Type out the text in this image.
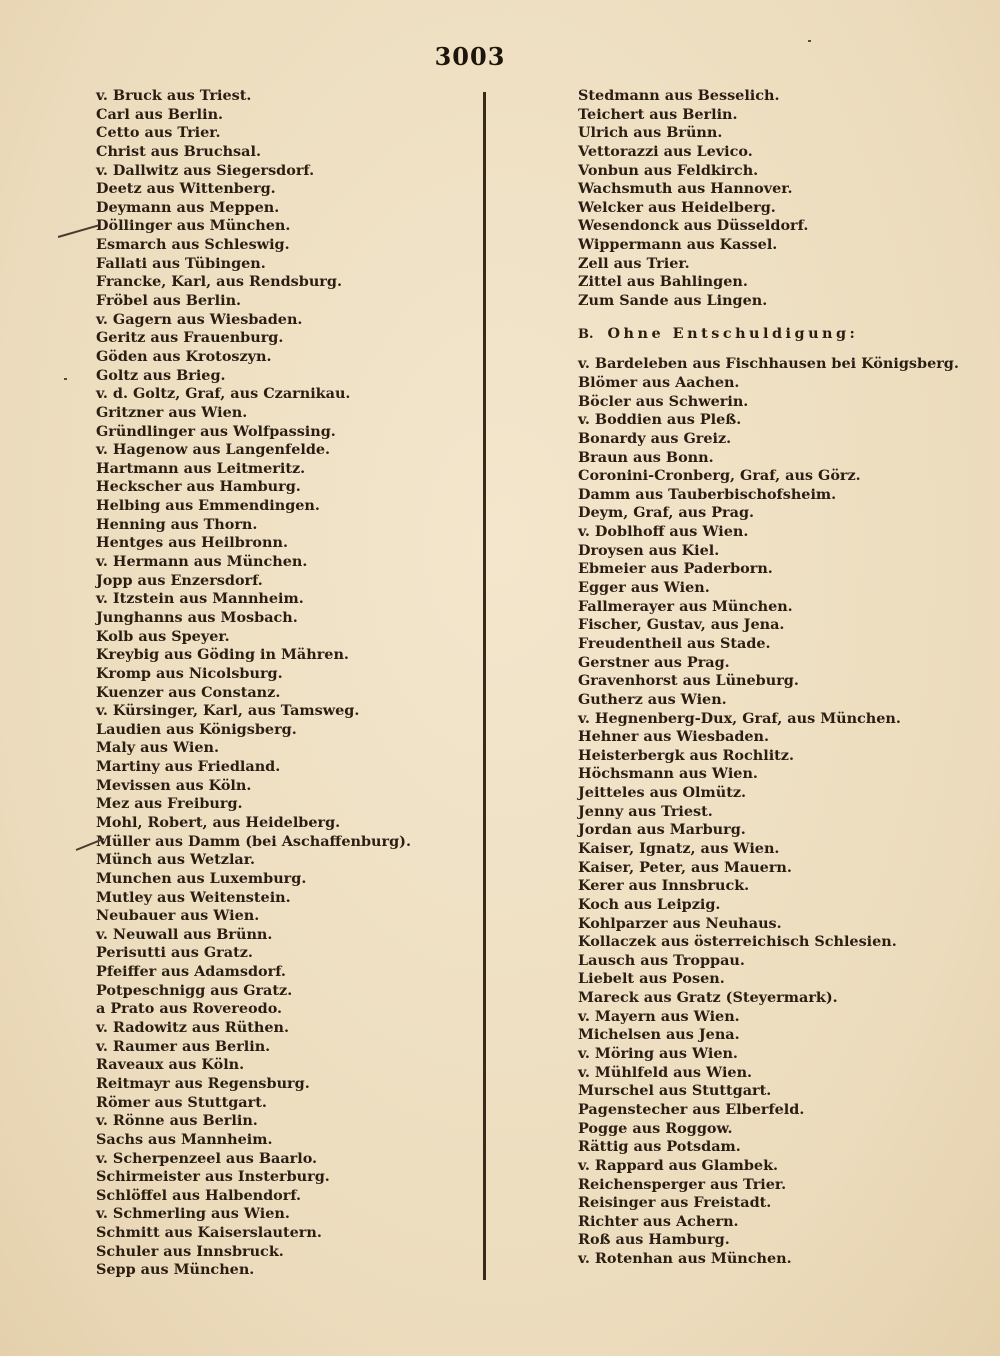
3003
v. Bruck aus Triest.
Carl aus Berlin.
Cetto aus Trier.
Christ aus Bruchsal.
v. Dallwitz aus Siegersdorf.
Deetz aus Wittenberg.
Deymann aus Meppen.
Döllinger aus München.
Esmarch aus Schleswig.
Fallati aus Tübingen.
Francke, Karl, aus Rendsburg.
Fröbel aus Berlin.
v. Gagern aus Wiesbaden.
Geritz aus Frauenburg.
Göden aus Krotoszyn.
Goltz aus Brieg.
v. d. Goltz, Graf, aus Czarnikau.
Gritzner aus Wien.
Gründlinger aus Wolfpassing.
v. Hagenow aus Langenfelde.
Hartmann aus Leitmeritz.
Heckscher aus Hamburg.
Helbing aus Emmendingen.
Henning aus Thorn.
Hentges aus Heilbronn.
v. Hermann aus München.
Jopp aus Enzersdorf.
v. Itzstein aus Mannheim.
Junghanns aus Mosbach.
Kolb aus Speyer.
Kreybig aus Göding in Mähren.
Kromp aus Nicolsburg.
Kuenzer aus Constanz.
v. Kürsinger, Karl, aus Tamsweg.
Laudien aus Königsberg.
Maly aus Wien.
Martiny aus Friedland.
Mevissen aus Köln.
Mez aus Freiburg.
Mohl, Robert, aus Heidelberg.
Müller aus Damm (bei Aschaffenburg).
Münch aus Wetzlar.
Munchen aus Luxemburg.
Mutley aus Weitenstein.
Neubauer aus Wien.
v. Neuwall aus Brünn.
Perisutti aus Gratz.
Pfeiffer aus Adamsdorf.
Potpeschnigg aus Gratz.
a Prato aus Rovereodo.
v. Radowitz aus Rüthen.
v. Raumer aus Berlin.
Raveaux aus Köln.
Reitmayr aus Regensburg.
Römer aus Stuttgart.
v. Rönne aus Berlin.
Sachs aus Mannheim.
v. Scherpenzeel aus Baarlo.
Schirmeister aus Insterburg.
Schlöffel aus Halbendorf.
v. Schmerling aus Wien.
Schmitt aus Kaiserslautern.
Schuler aus Innsbruck.
Sepp aus München.
Stedmann aus Besselich.
Teichert aus Berlin.
Ulrich aus Brünn.
Vettorazzi aus Levico.
Vonbun aus Feldkirch.
Wachsmuth aus Hannover.
Welcker aus Heidelberg.
Wesendonck aus Düsseldorf.
Wippermann aus Kassel.
Zell aus Trier.
Zittel aus Bahlingen.
Zum Sande aus Lingen.
B. Ohne Entschuldigung:
v. Bardeleben aus Fischhausen bei Königsberg.
Blömer aus Aachen.
Böcler aus Schwerin.
v. Boddien aus Pleß.
Bonardy aus Greiz.
Braun aus Bonn.
Coronini-Cronberg, Graf, aus Görz.
Damm aus Tauberbischofsheim.
Deym, Graf, aus Prag.
v. Doblhoff aus Wien.
Droysen aus Kiel.
Ebmeier aus Paderborn.
Egger aus Wien.
Fallmerayer aus München.
Fischer, Gustav, aus Jena.
Freudentheil aus Stade.
Gerstner aus Prag.
Gravenhorst aus Lüneburg.
Gutherz aus Wien.
v. Hegnenberg-Dux, Graf, aus München.
Hehner aus Wiesbaden.
Heisterbergk aus Rochlitz.
Höchsmann aus Wien.
Jeitteles aus Olmütz.
Jenny aus Triest.
Jordan aus Marburg.
Kaiser, Ignatz, aus Wien.
Kaiser, Peter, aus Mauern.
Kerer aus Innsbruck.
Koch aus Leipzig.
Kohlparzer aus Neuhaus.
Kollaczek aus österreichisch Schlesien.
Lausch aus Troppau.
Liebelt aus Posen.
Mareck aus Gratz (Steyermark).
v. Mayern aus Wien.
Michelsen aus Jena.
v. Möring aus Wien.
v. Mühlfeld aus Wien.
Murschel aus Stuttgart.
Pagenstecher aus Elberfeld.
Pogge aus Roggow.
Rättig aus Potsdam.
v. Rappard aus Glambek.
Reichensperger aus Trier.
Reisinger aus Freistadt.
Richter aus Achern.
Roß aus Hamburg.
v. Rotenhan aus München.
